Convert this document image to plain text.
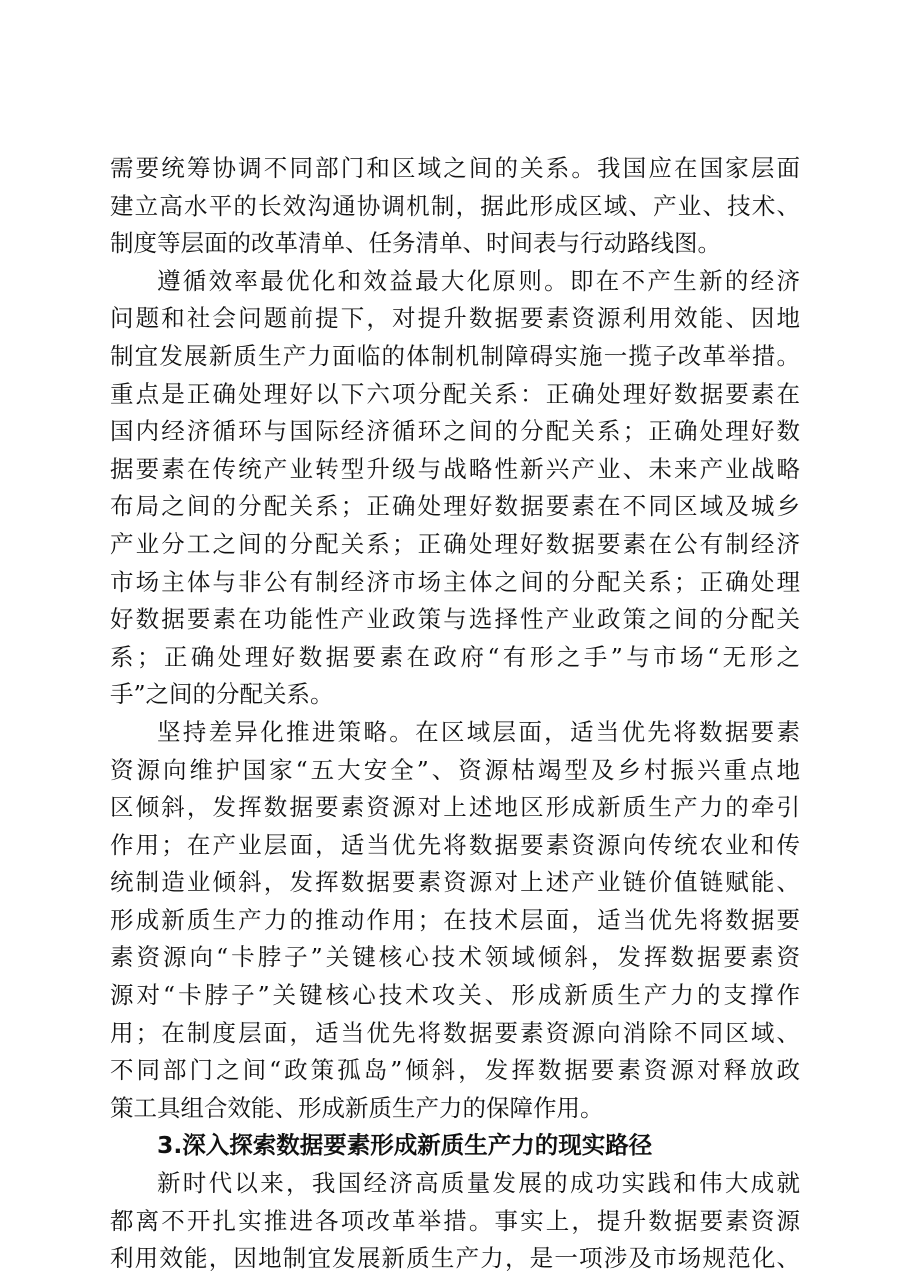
需要统筹协调不同部门和区域之间的关系。我国应在国家层面
建立高水平的长效沟通协调机制，据此形成区域、产业、技术、
制度等层面的改革清单、任务清单、时间表与行动路线图。
遵循效率最优化和效益最大化原则。即在不产生新的经济
问题和社会问题前提下，对提升数据要素资源利用效能、因地
制宜发展新质生产力面临的体制机制障碍实施一揽子改革举措。
重点是正确处理好以下六项分配关系：正确处理好数据要素在
国内经济循环与国际经济循环之间的分配关系；正确处理好数
据要素在传统产业转型升级与战略性新兴产业、未来产业战略
布局之间的分配关系；正确处理好数据要素在不同区域及城乡
产业分工之间的分配关系；正确处理好数据要素在公有制经济
市场主体与非公有制经济市场主体之间的分配关系；正确处理
好数据要素在功能性产业政策与选择性产业政策之间的分配关
系；正确处理好数据要素在政府“有形之手”与市场“无形之
手”之间的分配关系。
坚持差异化推进策略。在区域层面，适当优先将数据要素
资源向维护国家“五大安全”、资源枯竭型及乡村振兴重点地
区倾斜，发挥数据要素资源对上述地区形成新质生产力的牵引
作用；在产业层面，适当优先将数据要素资源向传统农业和传
统制造业倾斜，发挥数据要素资源对上述产业链价值链赋能、
形成新质生产力的推动作用；在技术层面，适当优先将数据要
素资源向“卡脖子”关键核心技术领域倾斜，发挥数据要素资
源对“卡脖子”关键核心技术攻关、形成新质生产力的支撑作
用；在制度层面，适当优先将数据要素资源向消除不同区域、
不同部门之间“政策孤岛”倾斜，发挥数据要素资源对释放政
策工具组合效能、形成新质生产力的保障作用。
3.深入探索数据要素形成新质生产力的现实路径
新时代以来，我国经济高质量发展的成功实践和伟大成就
都离不开扎实推进各项改革举措。事实上，提升数据要素资源
利用效能，因地制宜发展新质生产力，是一项涉及市场规范化、
